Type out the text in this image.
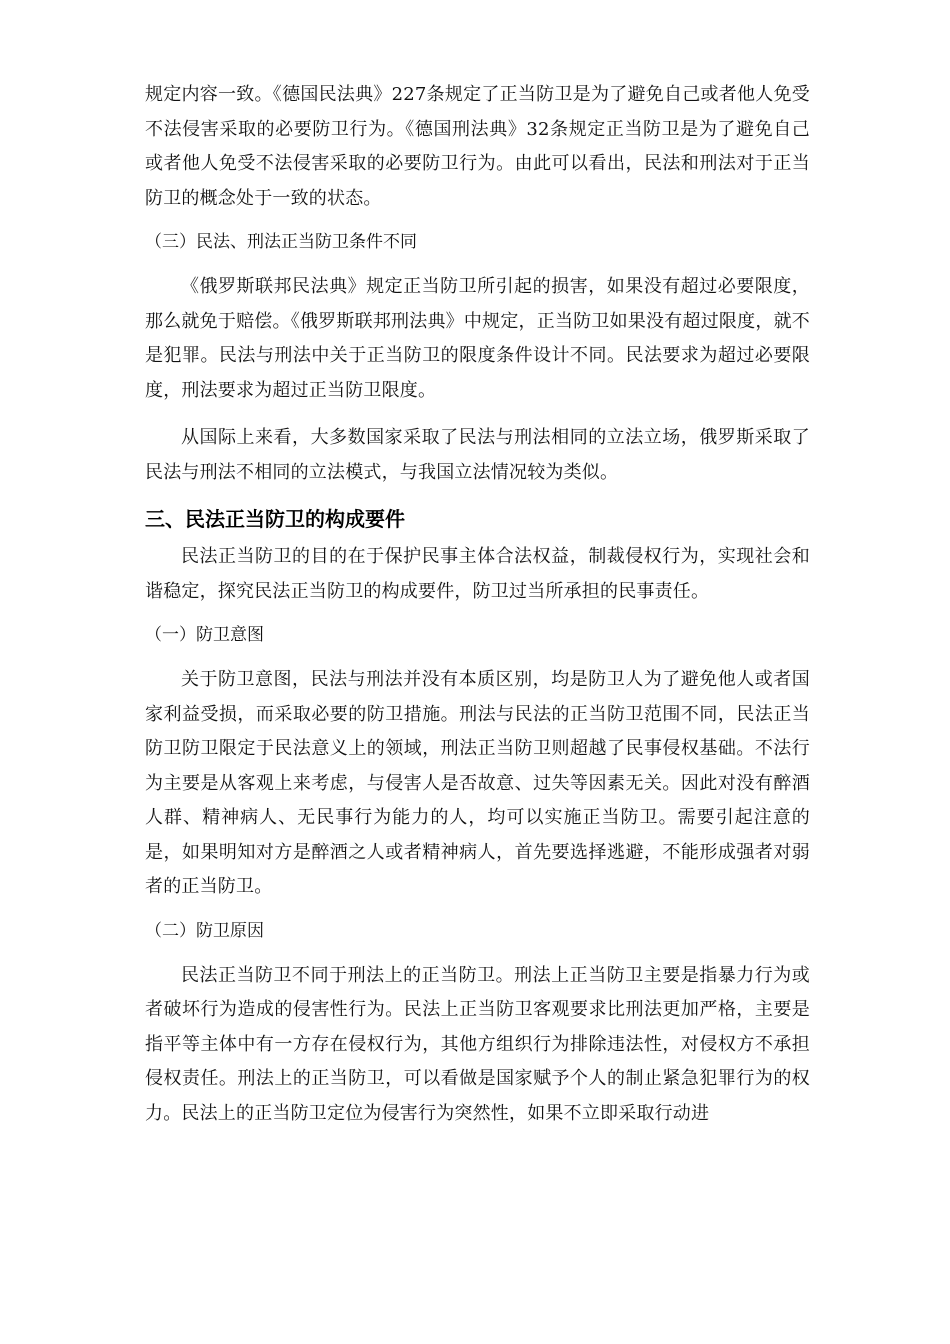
规定内容一致。《德国民法典》227条规定了正当防卫是为了避免自己或者他人免受不法侵害采取的必要防卫行为。《德国刑法典》32条规定正当防卫是为了避免自己或者他人免受不法侵害采取的必要防卫行为。由此可以看出，民法和刑法对于正当防卫的概念处于一致的状态。

（三）民法、刑法正当防卫条件不同

《俄罗斯联邦民法典》规定正当防卫所引起的损害，如果没有超过必要限度，那么就免于赔偿。《俄罗斯联邦刑法典》中规定，正当防卫如果没有超过限度，就不是犯罪。民法与刑法中关于正当防卫的限度条件设计不同。民法要求为超过必要限度，刑法要求为超过正当防卫限度。

从国际上来看，大多数国家采取了民法与刑法相同的立法立场，俄罗斯采取了民法与刑法不相同的立法模式，与我国立法情况较为类似。

三、民法正当防卫的构成要件

民法正当防卫的目的在于保护民事主体合法权益，制裁侵权行为，实现社会和谐稳定，探究民法正当防卫的构成要件，防卫过当所承担的民事责任。

（一）防卫意图

关于防卫意图，民法与刑法并没有本质区别，均是防卫人为了避免他人或者国家利益受损，而采取必要的防卫措施。刑法与民法的正当防卫范围不同，民法正当防卫防卫限定于民法意义上的领域，刑法正当防卫则超越了民事侵权基础。不法行为主要是从客观上来考虑，与侵害人是否故意、过失等因素无关。因此对没有醉酒人群、精神病人、无民事行为能力的人，均可以实施正当防卫。需要引起注意的是，如果明知对方是醉酒之人或者精神病人，首先要选择逃避，不能形成强者对弱者的正当防卫。

（二）防卫原因

民法正当防卫不同于刑法上的正当防卫。刑法上正当防卫主要是指暴力行为或者破坏行为造成的侵害性行为。民法上正当防卫客观要求比刑法更加严格，主要是指平等主体中有一方存在侵权行为，其他方组织行为排除违法性，对侵权方不承担侵权责任。刑法上的正当防卫，可以看做是国家赋予个人的制止紧急犯罪行为的权力。民法上的正当防卫定位为侵害行为突然性，如果不立即采取行动进
